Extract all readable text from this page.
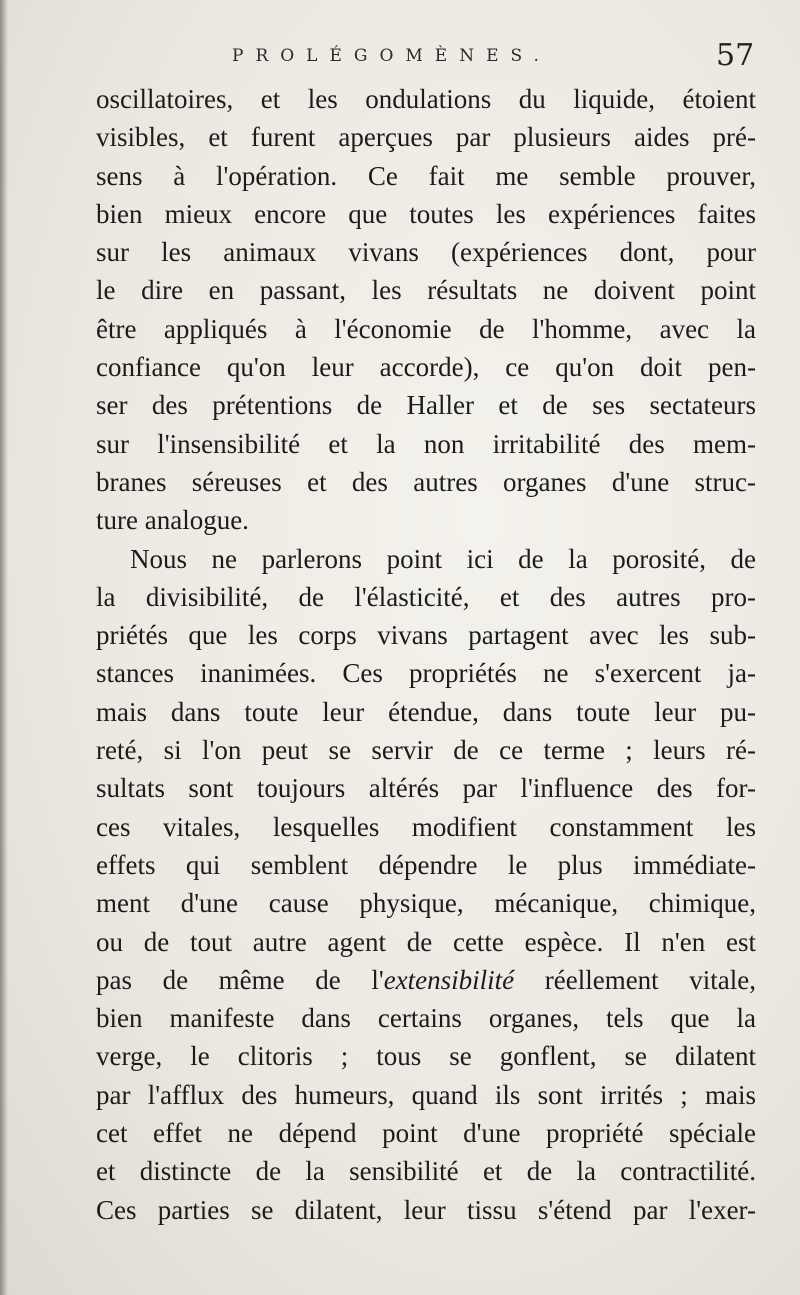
PROLÉGOMÈNES.	57
oscillatoires, et les ondulations du liquide, étoient
visibles, et furent aperçues par plusieurs aides pré-
sens à l'opération. Ce fait me semble prouver,
bien mieux encore que toutes les expériences faites
sur les animaux vivans (expériences dont, pour
le dire en passant, les résultats ne doivent point
être appliqués à l'économie de l'homme, avec la
confiance qu'on leur accorde), ce qu'on doit pen-
ser des prétentions de Haller et de ses sectateurs
sur l'insensibilité et la non irritabilité des mem-
branes séreuses et des autres organes d'une struc-
ture analogue.
Nous ne parlerons point ici de la porosité, de
la divisibilité, de l'élasticité, et des autres pro-
priétés que les corps vivans partagent avec les sub-
stances inanimées. Ces propriétés ne s'exercent ja-
mais dans toute leur étendue, dans toute leur pu-
reté, si l'on peut se servir de ce terme ; leurs ré-
sultats sont toujours altérés par l'influence des for-
ces vitales, lesquelles modifient constamment les
effets qui semblent dépendre le plus immédiate-
ment d'une cause physique, mécanique, chimique,
ou de tout autre agent de cette espèce. Il n'en est
pas de même de l'extensibilité réellement vitale,
bien manifeste dans certains organes, tels que la
verge, le clitoris ; tous se gonflent, se dilatent
par l'afflux des humeurs, quand ils sont irrités ; mais
cet effet ne dépend point d'une propriété spéciale
et distincte de la sensibilité et de la contractilité.
Ces parties se dilatent, leur tissu s'étend par l'exer-
